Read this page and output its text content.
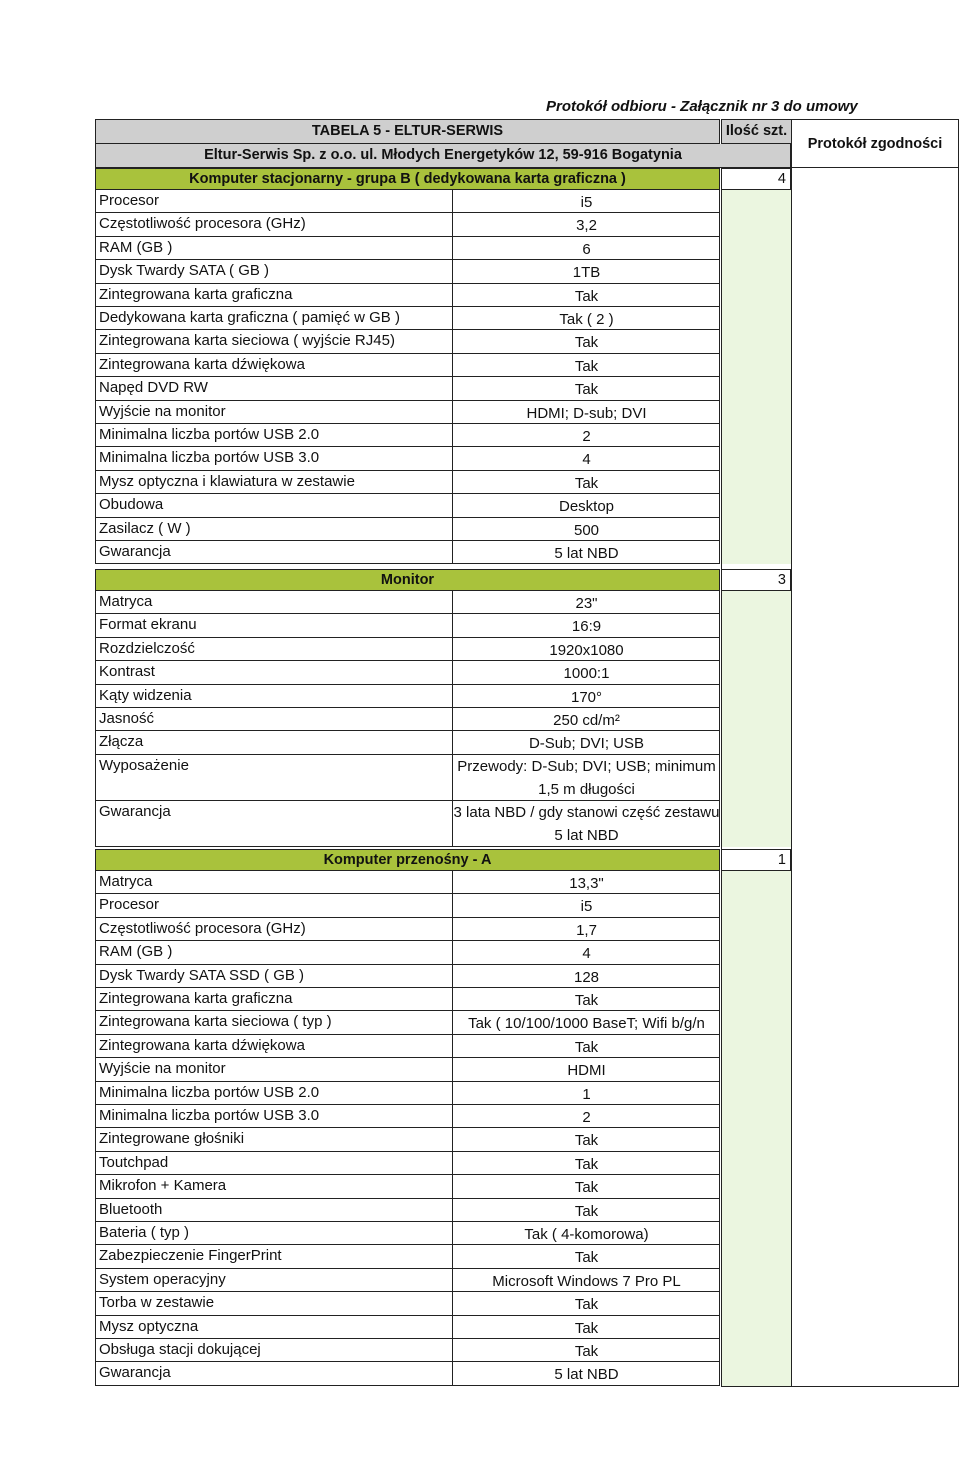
Protokół odbioru - Załącznik nr 3 do umowy
TABELA 5 - ELTUR-SERWIS	Ilość szt.
Eltur-Serwis Sp. z o.o. ul. Młodych Energetyków 12, 59-916 Bogatynia
Protokół zgodności
Komputer stacjonarny - grupa B ( dedykowana karta graficzna )	4
Procesor	i5
Częstotliwość procesora (GHz)	3,2
RAM (GB )	6
Dysk Twardy SATA ( GB )	1TB
Zintegrowana karta graficzna	Tak
Dedykowana karta graficzna ( pamięć w GB )	Tak ( 2 )
Zintegrowana karta sieciowa ( wyjście RJ45)	Tak
Zintegrowana karta dźwiękowa	Tak
Napęd DVD RW	Tak
Wyjście na monitor	HDMI; D-sub; DVI
Minimalna liczba portów USB 2.0	2
Minimalna liczba portów USB 3.0	4
Mysz optyczna i klawiatura w zestawie	Tak
Obudowa	Desktop
Zasilacz ( W )	500
Gwarancja	5 lat NBD
Monitor	3
Matryca	23"
Format ekranu	16:9
Rozdzielczość	1920x1080
Kontrast	1000:1
Kąty widzenia	170°
Jasność	250 cd/m²
Złącza	D-Sub; DVI; USB
Wyposażenie	Przewody: D-Sub; DVI; USB; minimum 1,5 m długości
Gwarancja	3 lata NBD / gdy stanowi część zestawu 5 lat NBD
Komputer przenośny - A	1
Matryca	13,3"
Procesor	i5
Częstotliwość procesora (GHz)	1,7
RAM (GB )	4
Dysk Twardy SATA SSD ( GB )	128
Zintegrowana karta graficzna	Tak
Zintegrowana karta sieciowa ( typ )	Tak ( 10/100/1000 BaseT; Wifi b/g/n
Zintegrowana karta dźwiękowa	Tak
Wyjście na monitor	HDMI
Minimalna liczba portów USB 2.0	1
Minimalna liczba portów USB 3.0	2
Zintegrowane głośniki	Tak
Toutchpad	Tak
Mikrofon + Kamera	Tak
Bluetooth	Tak
Bateria ( typ )	Tak ( 4-komorowa)
Zabezpieczenie FingerPrint	Tak
System operacyjny	Microsoft Windows 7 Pro PL
Torba w zestawie	Tak
Mysz optyczna	Tak
Obsługa stacji dokującej	Tak
Gwarancja	5 lat NBD
